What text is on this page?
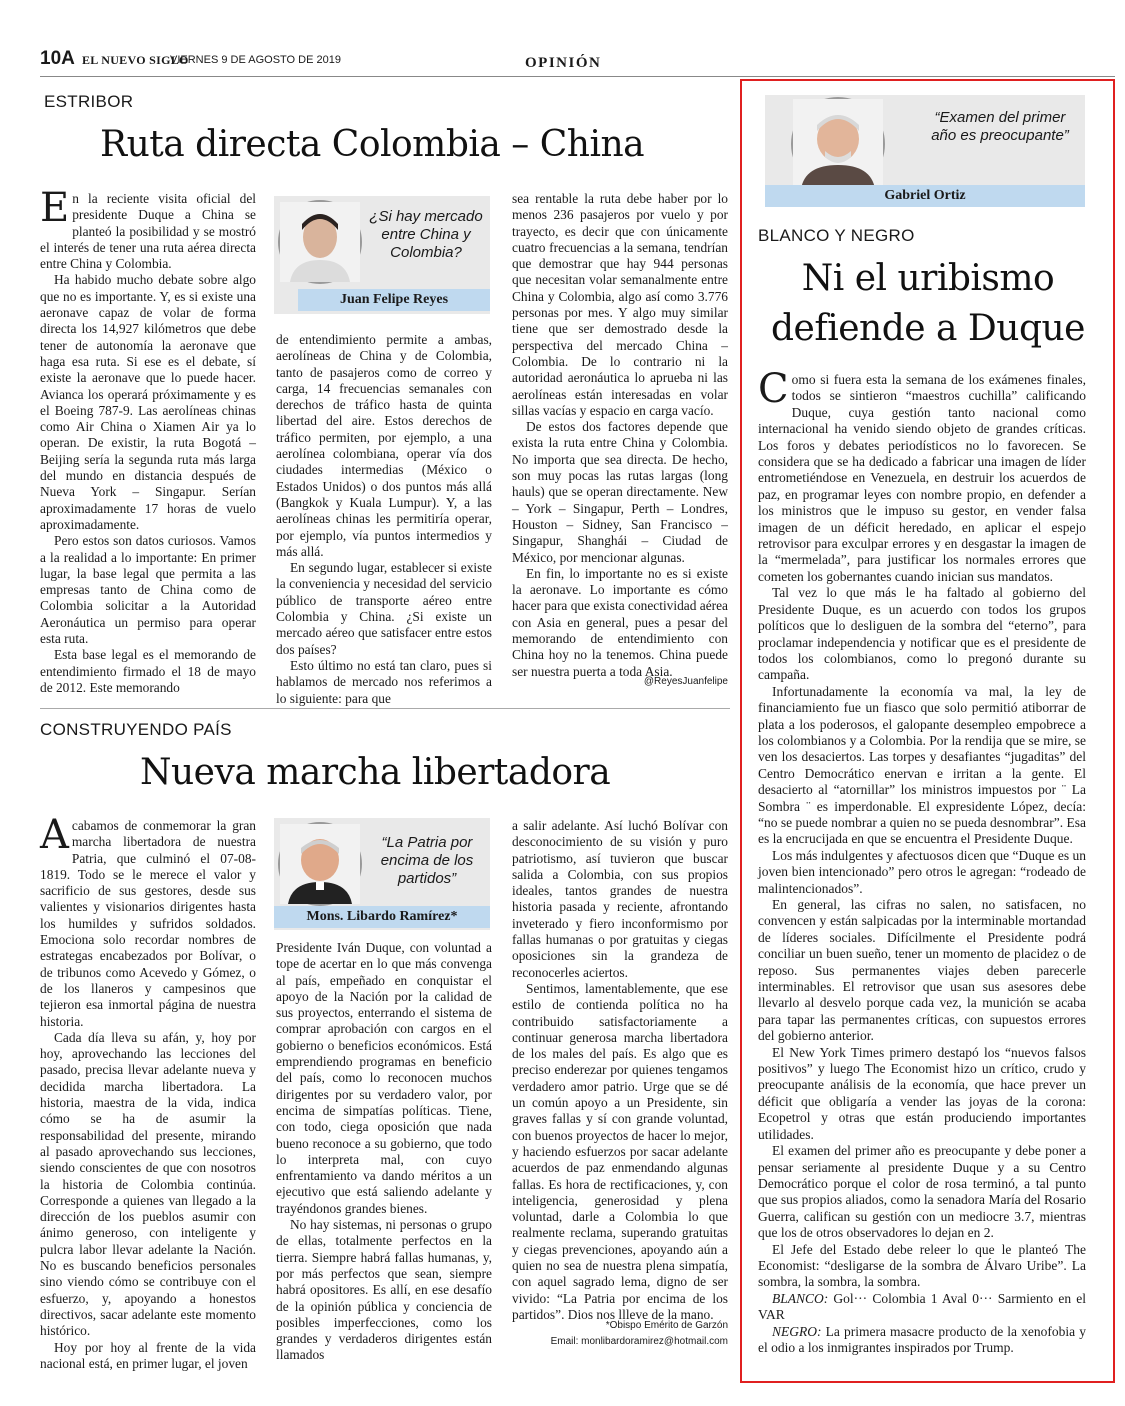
10A EL NUEVO SIGLO
VIERNES 9 DE AGOSTO DE 2019	OPINIÓN
ESTRIBOR
Ruta directa Colombia – China

En la reciente visita oficial del presidente Duque a China se planteó la posibilidad y se mostró el interés de tener una ruta aérea directa entre China y Colombia.

Ha habido mucho debate sobre algo que no es importante. Y, es si existe una aeronave capaz de volar de forma directa los 14,927 kilómetros que debe tener de autonomía la aeronave que haga esa ruta. Si ese es el debate, sí existe la aeronave que lo puede hacer. Avianca los operará próximamente y es el Boeing 787-9. Las aerolíneas chinas como Air China o Xiamen Air ya lo operan. De existir, la ruta Bogotá – Beijing sería la segunda ruta más larga del mundo en distancia después de Nueva York – Singapur. Serían aproximadamente 17 horas de vuelo aproximadamente.

Pero estos son datos curiosos. Vamos a la realidad a lo importante: En primer lugar, la base legal que permita a las empresas tanto de China como de Colombia solicitar a la Autoridad Aeronáutica un permiso para operar esta ruta.

Esta base legal es el memorando de entendimiento firmado el 18 de mayo de 2012. Este memorando

¿Si hay mercado entre China y Colombia?
Juan Felipe Reyes

de entendimiento permite a ambas, aerolíneas de China y de Colombia, tanto de pasajeros como de correo y carga, 14 frecuencias semanales con derechos de tráfico hasta de quinta libertad del aire. Estos derechos de tráfico permiten, por ejemplo, a una aerolínea colombiana, operar vía dos ciudades intermedias (México o Estados Unidos) o dos puntos más allá (Bangkok y Kuala Lumpur). Y, a las aerolíneas chinas les permitiría operar, por ejemplo, vía puntos intermedios y más allá.

En segundo lugar, establecer si existe la conveniencia y necesidad del servicio público de transporte aéreo entre Colombia y China. ¿Si existe un mercado aéreo que satisfacer entre estos dos países?

Esto último no está tan claro, pues si hablamos de mercado nos referimos a lo siguiente: para que

sea rentable la ruta debe haber por lo menos 236 pasajeros por vuelo y por trayecto, es decir que con únicamente cuatro frecuencias a la semana, tendrían que demostrar que hay 944 personas que necesitan volar semanalmente entre China y Colombia, algo así como 3.776 personas por mes. Y algo muy similar tiene que ser demostrado desde la perspectiva del mercado China – Colombia. De lo contrario ni la autoridad aeronáutica lo aprueba ni las aerolíneas están interesadas en volar sillas vacías y espacio en carga vacío.

De estos dos factores depende que exista la ruta entre China y Colombia. No importa que sea directa. De hecho, son muy pocas las rutas largas (long hauls) que se operan directamente. New – York – Singapur, Perth – Londres, Houston – Sidney, San Francisco – Singapur, Shanghái – Ciudad de México, por mencionar algunas.

En fin, lo importante no es si existe la aeronave. Lo importante es cómo hacer para que exista conectividad aérea con Asia en general, pues a pesar del memorando de entendimiento con China hoy no la tenemos. China puede ser nuestra puerta a toda Asia.

@ReyesJuanfelipe
CONSTRUYENDO PAÍS
Nueva marcha libertadora

Acabamos de conmemorar la gran marcha libertadora de nuestra Patria, que culminó el 07-08-1819. Todo se le merece el valor y sacrificio de sus gestores, desde sus valientes y visionarios dirigentes hasta los humildes y sufridos soldados. Emociona solo recordar nombres de estrategas encabezados por Bolívar, o de tribunos como Acevedo y Gómez, o de los llaneros y campesinos que tejieron esa inmortal página de nuestra historia.

Cada día lleva su afán, y, hoy por hoy, aprovechando las lecciones del pasado, precisa llevar adelante nueva y decidida marcha libertadora. La historia, maestra de la vida, indica cómo se ha de asumir la responsabilidad del presente, mirando al pasado aprovechando sus lecciones, siendo conscientes de que con nosotros la historia de Colombia continúa. Corresponde a quienes van llegado a la dirección de los pueblos asumir con ánimo generoso, con inteligente y pulcra labor llevar adelante la Nación. No es buscando beneficios personales sino viendo cómo se contribuye con el esfuerzo, y, apoyando a honestos directivos, sacar adelante este momento histórico.

Hoy por hoy al frente de la vida nacional está, en primer lugar, el joven

“La Patria por encima de los partidos”
Mons. Libardo Ramírez*

Presidente Iván Duque, con voluntad a tope de acertar en lo que más convenga al país, empeñado en conquistar el apoyo de la Nación por la calidad de sus proyectos, enterrando el sistema de comprar aprobación con cargos en el gobierno o beneficios económicos. Está emprendiendo programas en beneficio del país, como lo reconocen muchos dirigentes por su verdadero valor, por encima de simpatías políticas. Tiene, con todo, ciega oposición que nada bueno reconoce a su gobierno, que todo lo interpreta mal, con cuyo enfrentamiento va dando méritos a un ejecutivo que está saliendo adelante y trayéndonos grandes bienes.

No hay sistemas, ni personas o grupo de ellas, totalmente perfectos en la tierra. Siempre habrá fallas humanas, y, por más perfectos que sean, siempre habrá opositores. Es allí, en ese desafío de la opinión pública y conciencia de posibles imperfecciones, como los grandes y verdaderos dirigentes están llamados

a salir adelante. Así luchó Bolívar con desconocimiento de su visión y puro patriotismo, así tuvieron que buscar salida a Colombia, con sus propios ideales, tantos grandes de nuestra historia pasada y reciente, afrontando inveterado y fiero inconformismo por fallas humanas o por gratuitas y ciegas oposiciones sin la grandeza de reconocerles aciertos.

Sentimos, lamentablemente, que ese estilo de contienda política no ha contribuido satisfactoriamente a continuar generosa marcha libertadora de los males del país. Es algo que es preciso enderezar por quienes tengamos verdadero amor patrio. Urge que se dé un común apoyo a un Presidente, sin graves fallas y sí con grande voluntad, con buenos proyectos de hacer lo mejor, y haciendo esfuerzos por sacar adelante acuerdos de paz enmendando algunas fallas. Es hora de rectificaciones, y, con inteligencia, generosidad y plena voluntad, darle a Colombia lo que realmente reclama, superando gratuitas y ciegas prevenciones, apoyando aún a quien no sea de nuestra plena simpatía, con aquel sagrado lema, digno de ser vivido: “La Patria por encima de los partidos”. Dios nos llleve de la mano.

*Obispo Emérito de Garzón
Email: monlibardoramirez@hotmail.com
“Examen del primer año es preocupante”
Gabriel Ortiz
BLANCO Y NEGRO
Ni el uribismo
defiende a Duque

Como si fuera esta la semana de los exámenes finales, todos se sintieron “maestros cuchilla” calificando Duque, cuya gestión tanto nacional como internacional ha venido siendo objeto de grandes críticas. Los foros y debates periodísticos no lo favorecen. Se considera que se ha dedicado a fabricar una imagen de líder entrometiéndose en Venezuela, en destruir los acuerdos de paz, en programar leyes con nombre propio, en defender a los ministros que le impuso su gestor, en vender falsa imagen de un déficit heredado, en aplicar el espejo retrovisor para exculpar errores y en desgastar la imagen de la “mermelada”, para justificar los normales errores que cometen los gobernantes cuando inician sus mandatos.

Tal vez lo que más le ha faltado al gobierno del Presidente Duque, es un acuerdo con todos los grupos políticos que lo desliguen de la sombra del “eterno”, para proclamar independencia y notificar que es el presidente de todos los colombianos, como lo pregonó durante su campaña.

Infortunadamente la economía va mal, la ley de financiamiento fue un fiasco que solo permitió atiborrar de plata a los poderosos, el galopante desempleo empobrece a los colombianos y a Colombia. Por la rendija que se mire, se ven los desaciertos. Las torpes y desafiantes “jugaditas” del Centro Democrático enervan e irritan a la gente. El desacierto al “atornillar” los ministros impuestos por ¨ La Sombra ¨ es imperdonable. El expresidente López, decía: “no se puede nombrar a quien no se pueda desnombrar”. Esa es la encrucijada en que se encuentra el Presidente Duque.

Los más indulgentes y afectuosos dicen que “Duque es un joven bien intencionado” pero otros le agregan: “rodeado de malintencionados”.

En general, las cifras no salen, no satisfacen, no convencen y están salpicadas por la interminable mortandad de líderes sociales. Difícilmente el Presidente podrá conciliar un buen sueño, tener un momento de placidez o de reposo. Sus permanentes viajes deben parecerle interminables. El retrovisor que usan sus asesores debe llevarlo al desvelo porque cada vez, la munición se acaba para tapar las permanentes críticas, con supuestos errores del gobierno anterior.

El New York Times primero destapó los “nuevos falsos positivos” y luego The Economist hizo un crítico, crudo y preocupante análisis de la economía, que hace prever un déficit que obligaría a vender las joyas de la corona: Ecopetrol y otras que están produciendo importantes utilidades.

El examen del primer año es preocupante y debe poner a pensar seriamente al presidente Duque y a su Centro Democrático porque el color de rosa terminó, a tal punto que sus propios aliados, como la senadora María del Rosario Guerra, califican su gestión con un mediocre 3.7, mientras que los de otros observadores lo dejan en 2.

El Jefe del Estado debe releer lo que le planteó The Economist: “desligarse de la sombra de Álvaro Uribe”. La sombra, la sombra, la sombra.

BLANCO: Gol··· Colombia 1 Aval 0··· Sarmiento en el VAR

NEGRO: La primera masacre producto de la xenofobia y el odio a los inmigrantes inspirados por Trump.
